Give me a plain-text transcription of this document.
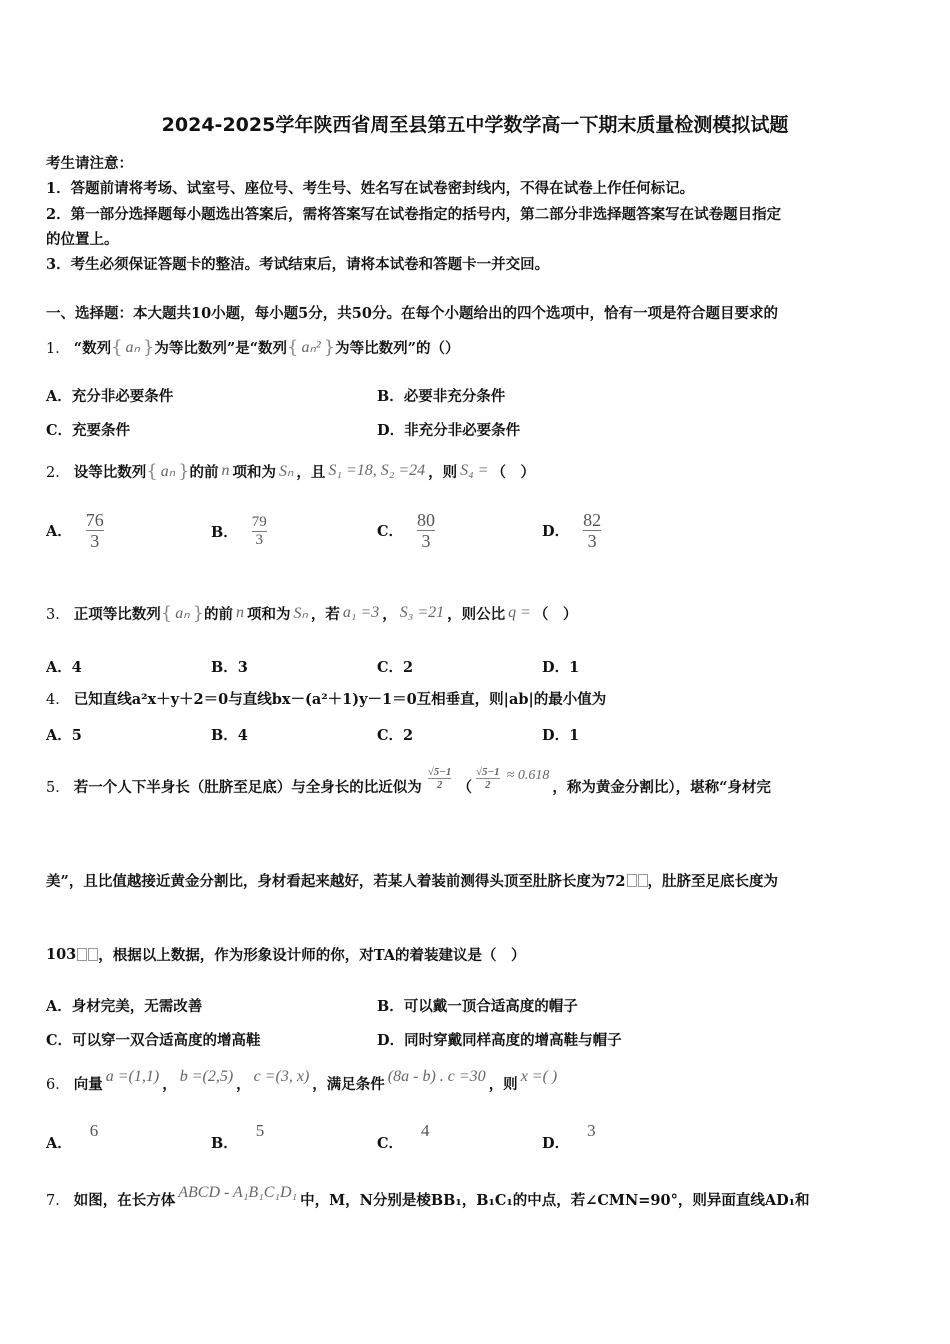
2024-2025学年陕西省周至县第五中学数学高一下期末质量检测模拟试题
考生请注意：
1．答题前请将考场、试室号、座位号、考生号、姓名写在试卷密封线内，不得在试卷上作任何标记。
2．第一部分选择题每小题选出答案后，需将答案写在试卷指定的括号内，第二部分非选择题答案写在试卷题目指定
的位置上。
3．考生必须保证答题卡的整洁。考试结束后，请将本试卷和答题卡一并交回。
一、选择题：本大题共10小题，每小题5分，共50分。在每个小题给出的四个选项中，恰有一项是符合题目要求的
1． “数列 { aₙ } 为等比数列”是“数列 { aₙ² } 为等比数列”的（）
A．充分非必要条件	B．必要非充分条件
C．充要条件	D．非充分非必要条件
2． 设等比数列 { aₙ } 的前 n 项和为 Sₙ ，且 S₁ =18, S₂ =24 ，则 S₄ = （　）
A． $\frac{76}{3}$	B． $\frac{79}{3}$	C． $\frac{80}{3}$	D． $\frac{82}{3}$
3． 正项等比数列 { aₙ } 的前 n 项和为 Sₙ ，若 a₁ =3 ， S₃ =21 ，则公比 q = （　）
A．4	B．3	C．2	D．1
4． 已知直线a²x＋y＋2＝0与直线bx－(a²＋1)y－1＝0互相垂直，则|ab|的最小值为
A．5	B．4	C．2	D．1
5． 若一个人下半身长（肚脐至足底）与全身长的比近似为 $\frac{√5-1}{2}$ （ $\frac{√5-1}{2} \approx 0.618$
，称为黄金分割比），堪称“身材完
美”，且比值越接近黄金分割比，身材看起来越好，若某人着装前测得头顶至肚脐长度为72 ，肚脐至足底长度为
103 ，根据以上数据，作为形象设计师的你，对TA的着装建议是（　）
A．身材完美，无需改善	B．可以戴一顶合适高度的帽子
C．可以穿一双合适高度的增高鞋	D．同时穿戴同样高度的增高鞋与帽子
6． 向量 a =(1,1) ， b =(2,5) ， c =(3, x) ，满足条件 (8a - b) . c =30 ，则 x =( )
A．6
B．5
C．4
D．3
7． 如图，在长方体 ABCD - A₁B₁C₁D₁ 中，M，N分别是棱BB₁，B₁C₁的中点，若∠CMN=90°，则异面直线AD₁和
